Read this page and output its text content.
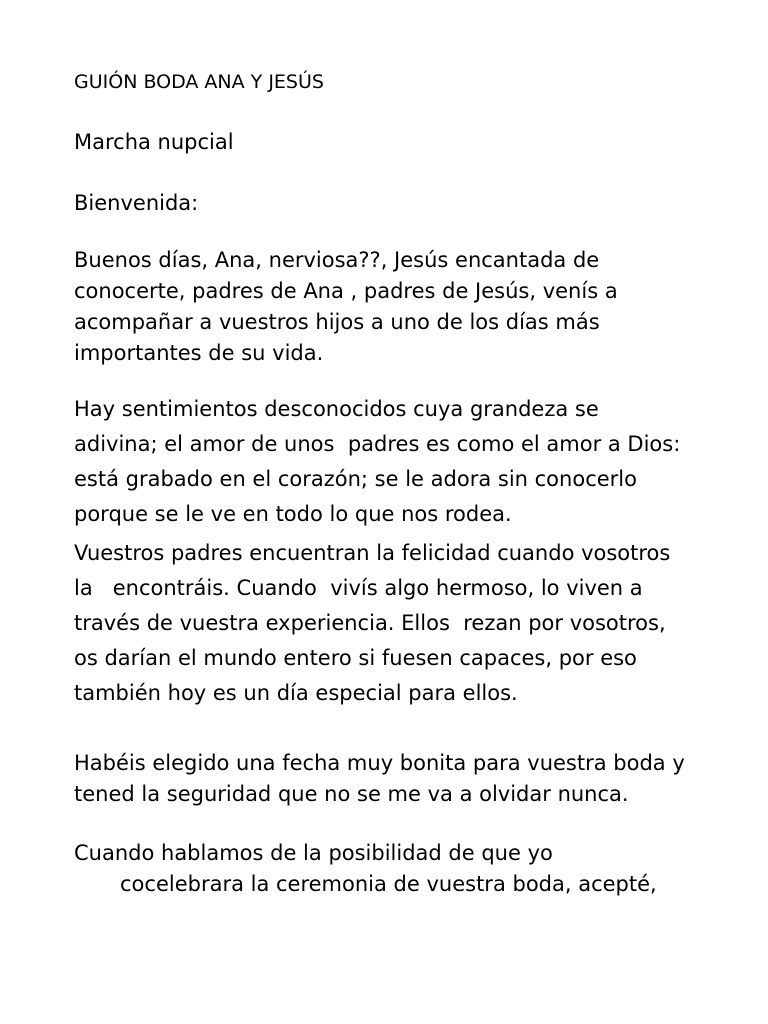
GUIÓN BODA ANA Y JESÚS

Marcha nupcial

Bienvenida:

Buenos días, Ana, nerviosa??, Jesús encantada de

conocerte, padres de Ana , padres de Jesús, venís a

acompañar a vuestros hijos a uno de los días más

importantes de su vida.

Hay sentimientos desconocidos cuya grandeza se

adivina; el amor de unos  padres es como el amor a Dios:

está grabado en el corazón; se le adora sin conocerlo

porque se le ve en todo lo que nos rodea.

Vuestros padres encuentran la felicidad cuando vosotros

la   encontráis. Cuando  vivís algo hermoso, lo viven a

través de vuestra experiencia. Ellos  rezan por vosotros,

os darían el mundo entero si fuesen capaces, por eso

también hoy es un día especial para ellos.

Habéis elegido una fecha muy bonita para vuestra boda y

tened la seguridad que no se me va a olvidar nunca.

Cuando hablamos de la posibilidad de que yo

cocelebrara la ceremonia de vuestra boda, acepté,
